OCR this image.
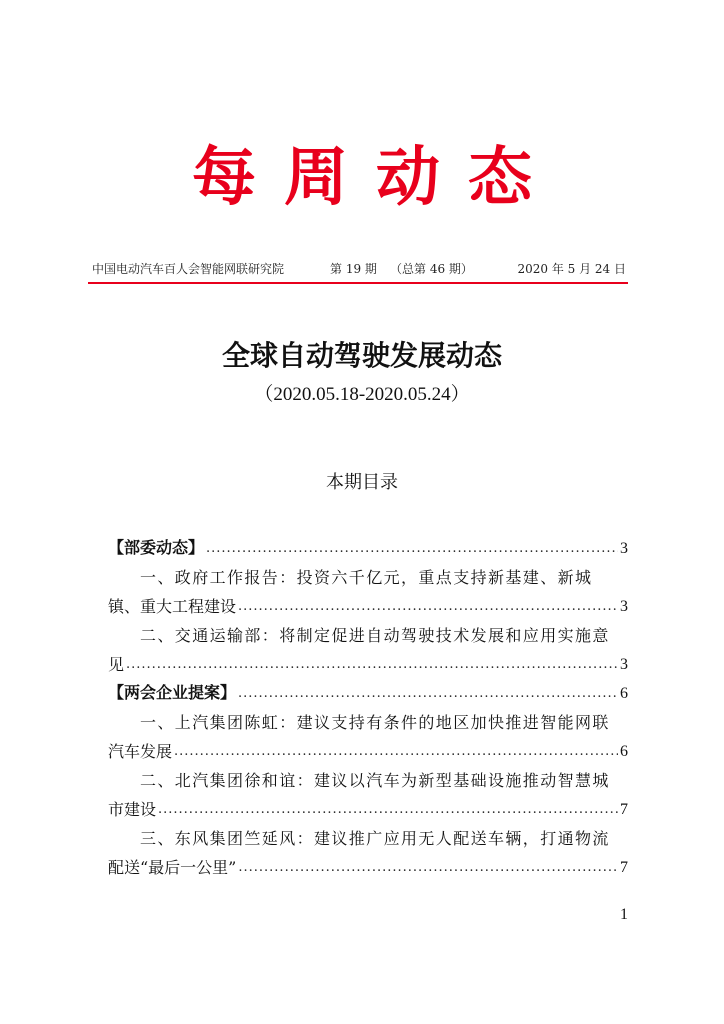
每周动态
中国电动汽车百人会智能网联研究院	第 19 期 （总第 46 期）	2020 年 5 月 24 日
全球自动驾驶发展动态
（2020.05.18-2020.05.24）
本期目录
【部委动态】 .....	3
一、政府工作报告：投资六千亿元，重点支持新基建、新城
镇、重大工程建设 .....	3
二、交通运输部：将制定促进自动驾驶技术发展和应用实施意
见 .....	3
【两会企业提案】 .....	6
一、上汽集团陈虹：建议支持有条件的地区加快推进智能网联
汽车发展 .....	6
二、北汽集团徐和谊：建议以汽车为新型基础设施推动智慧城
市建设 .....	7
三、东风集团竺延风：建议推广应用无人配送车辆，打通物流
配送“最后一公里” .....	7
1
